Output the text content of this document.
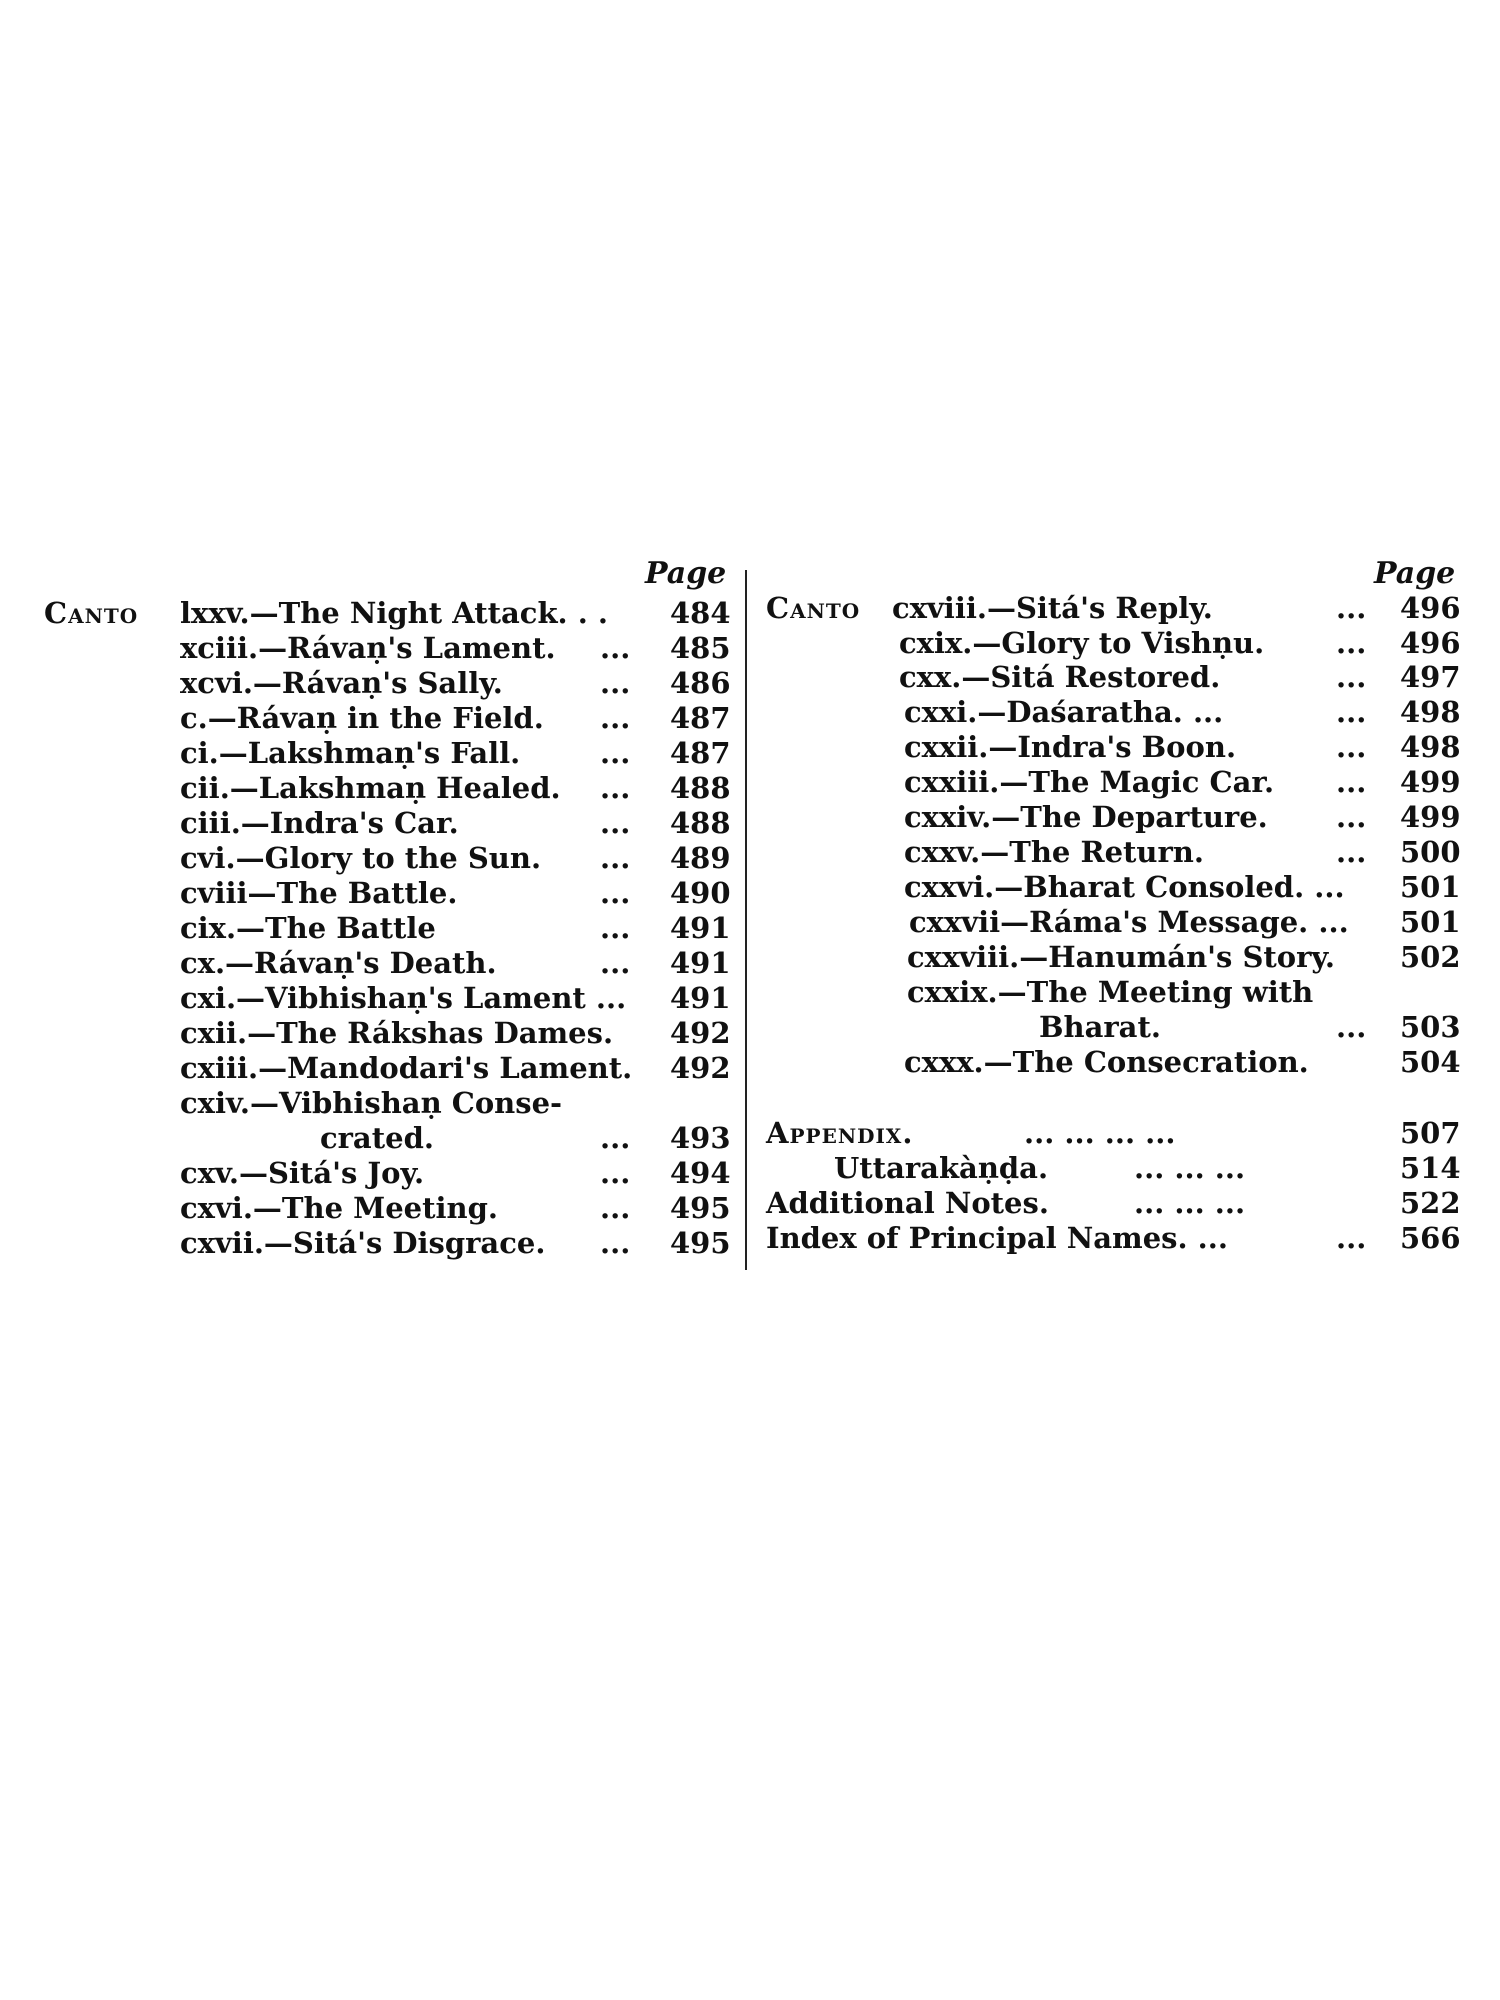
Page
Canto lxxv.—The Night Attack. . . 484
xciii.—Rávaṇ's Lament. ... 485
xcvi.—Rávaṇ's Sally.	... 486
c.—Rávaṇ in the Field. ... 487
ci.—Lakshmaṇ's Fall.	... 487
cii.—Lakshmaṇ Healed. ... 488
ciii.—Indra's Car.	... 488
cvi.—Glory to the Sun. ... 489
cviii—The Battle.	... 490
cix.—The Battle	... 491
cx.—Rávaṇ's Death.	... 491
cxi.—Vibhishaṇ's Lament ... 491
cxii.—The Rákshas Dames. 492
cxiii.—Mandodari's Lament. 492
cxiv.—Vibhishaṇ Conse-
crated.	... 493
cxv.—Sitá's Joy.	... 494
cxvi.—The Meeting.	... 495
cxvii.—Sitá's Disgrace. ... 495
Page
Canto cxviii.—Sitá's Reply.	... 496
cxix.—Glory to Vishṇu. ... 496
cxx.—Sitá Restored.	... 497
cxxi.—Daśaratha. ...	... 498
cxxii.—Indra's Boon.	... 498
cxxiii.—The Magic Car. ... 499
cxxiv.—The Departure. ... 499
cxxv.—The Return.	... 500
cxxvi.—Bharat Consoled. ... 501
cxxvii—Ráma's Message. ... 501
cxxviii.—Hanumán's Story. 502
cxxix.—The Meeting with
Bharat.	... 503
cxxx.—The Consecration.	504
Appendix.	... ... ... ...	507
Uttarakàṇḍa.	... ... ...	514
Additional Notes.	... ... ...	522
Index of Principal Names. ...	... 566
